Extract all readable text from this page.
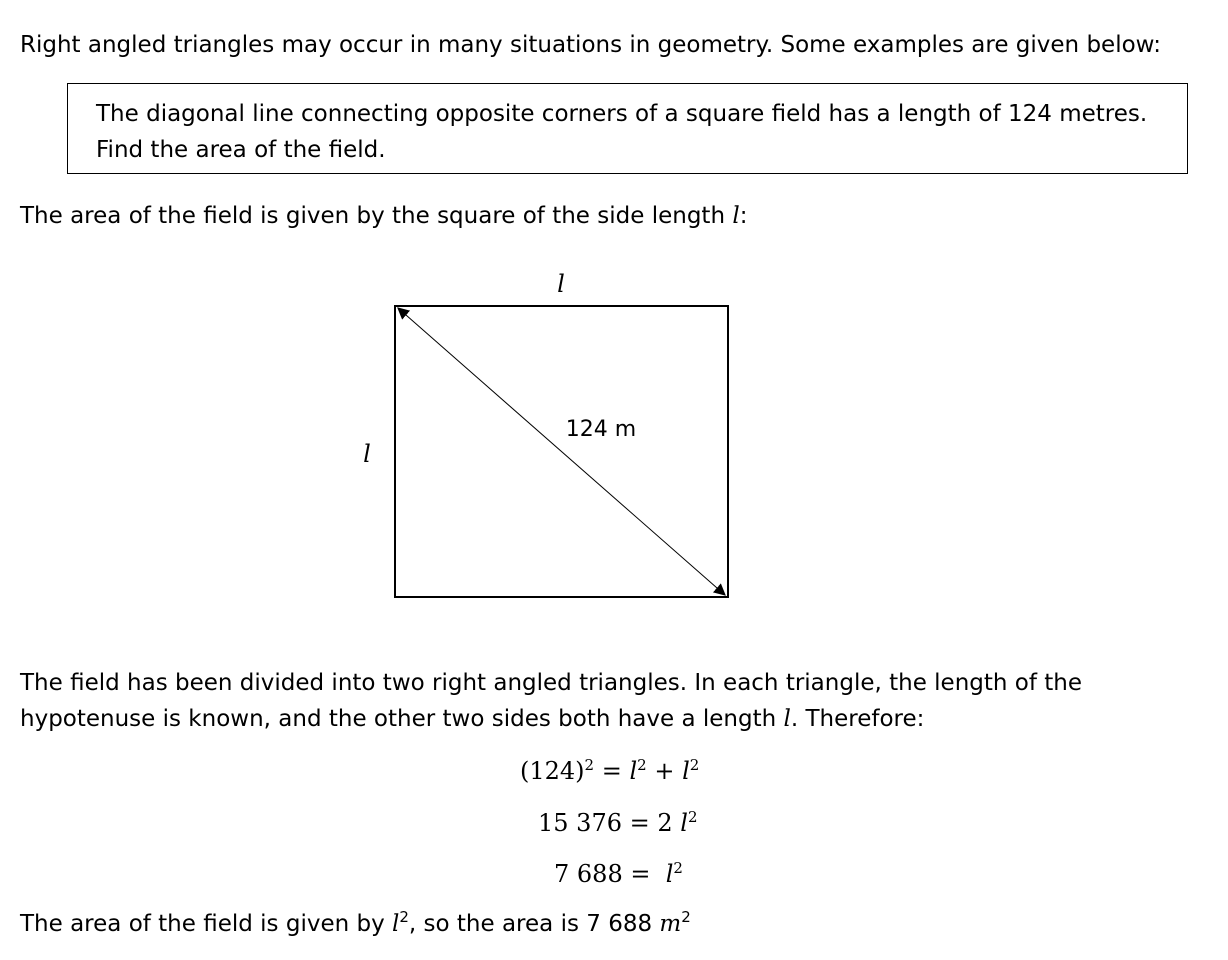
Right angled triangles may occur in many situations in geometry. Some examples are given below:
The diagonal line connecting opposite corners of a square field has a length of 124 metres.
Find the area of the field.
The area of the field is given by the square of the side length l:
l
l
124 m
The field has been divided into two right angled triangles. In each triangle, the length of the
hypotenuse is known, and the other two sides both have a length l. Therefore:
$(124)^2 = l^2 + l^2$
15 376 = 2 $l^2$
7 $688 = l^2$
The area of the field is given by $l^2$, so the area is 7 688 $m^2$
